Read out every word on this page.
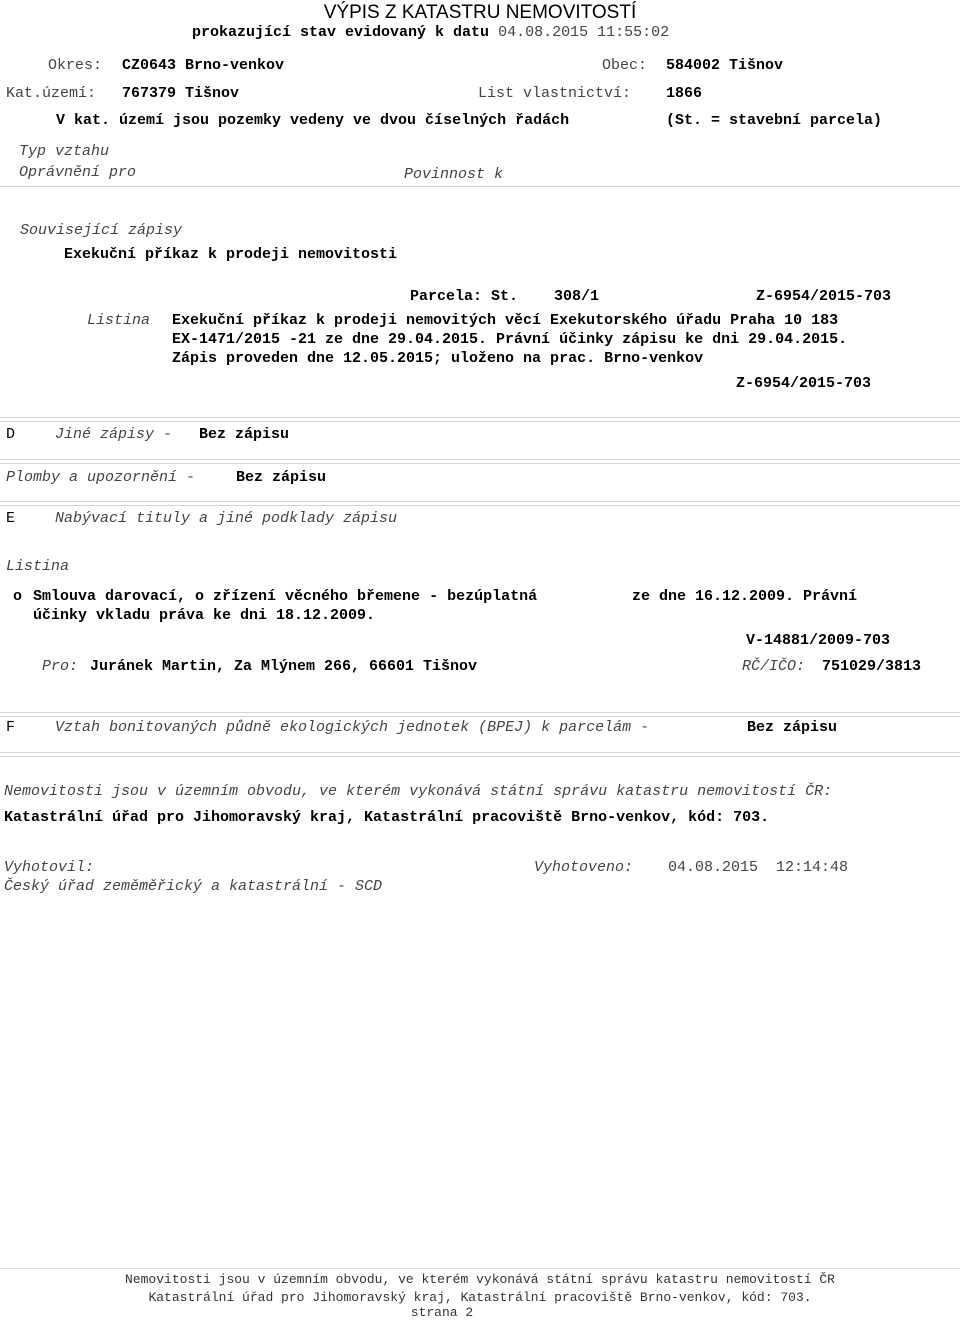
VÝPIS Z KATASTRU NEMOVITOSTÍ
prokazující stav evidovaný k datu 04.08.2015 11:55:02
Okres: CZ0643 Brno-venkov	Obec: 584002 Tišnov
Kat.území: 767379 Tišnov	List vlastnictví: 1866
V kat. území jsou pozemky vedeny ve dvou číselných řadách	(St. = stavební parcela)
Typ vztahu
Oprávnění pro	Povinnost k
Související zápisy
Exekuční příkaz k prodeji nemovitosti
Parcela: St. 308/1	Z-6954/2015-703
Listina Exekuční příkaz k prodeji nemovitých věcí Exekutorského úřadu Praha 10 183
EX-1471/2015 -21 ze dne 29.04.2015. Právní účinky zápisu ke dni 29.04.2015.
Zápis proveden dne 12.05.2015; uloženo na prac. Brno-venkov
Z-6954/2015-703
D	Jiné zápisy - Bez zápisu
Plomby a upozornění -	Bez zápisu
E	Nabývací tituly a jiné podklady zápisu
Listina
o Smlouva darovací, o zřízení věcného břemene - bezúplatná	ze dne 16.12.2009. Právní
účinky vkladu práva ke dni 18.12.2009.
V-14881/2009-703
Pro: Juránek Martin, Za Mlýnem 266, 66601 Tišnov	RČ/IČO: 751029/3813
F	Vztah bonitovaných půdně ekologických jednotek (BPEJ) k parcelám -	Bez zápisu
Nemovitosti jsou v územním obvodu, ve kterém vykonává státní správu katastru nemovitostí ČR:
Katastrální úřad pro Jihomoravský kraj, Katastrální pracoviště Brno-venkov, kód: 703.
Vyhotovil:
Český úřad zeměměřický a katastrální - SCD
Vyhotoveno: 04.08.2015  12:14:48
Nemovitosti jsou v územním obvodu, ve kterém vykonává státní správu katastru nemovitostí ČR
Katastrální úřad pro Jihomoravský kraj, Katastrální pracoviště Brno-venkov, kód: 703.
strana 2
